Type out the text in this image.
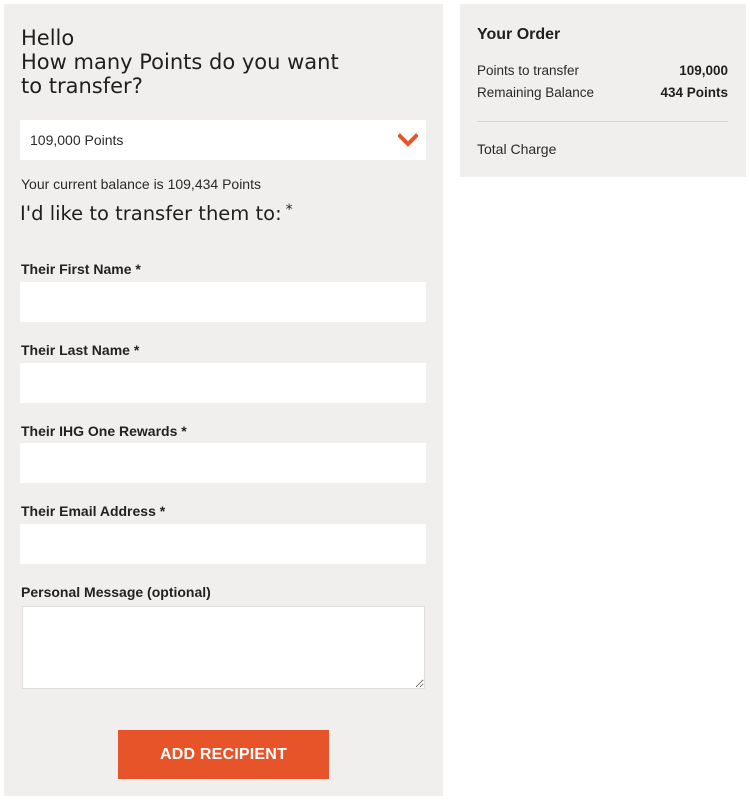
Hello
How many Points do you want
to transfer?
109,000 Points
Your current balance is 109,434 Points
I'd like to transfer them to: *
Their First Name *
Their Last Name *
Their IHG One Rewards *
Their Email Address *
Personal Message (optional)
ADD RECIPIENT
Your Order
Points to transfer	109,000
Remaining Balance	434 Points
Total Charge
